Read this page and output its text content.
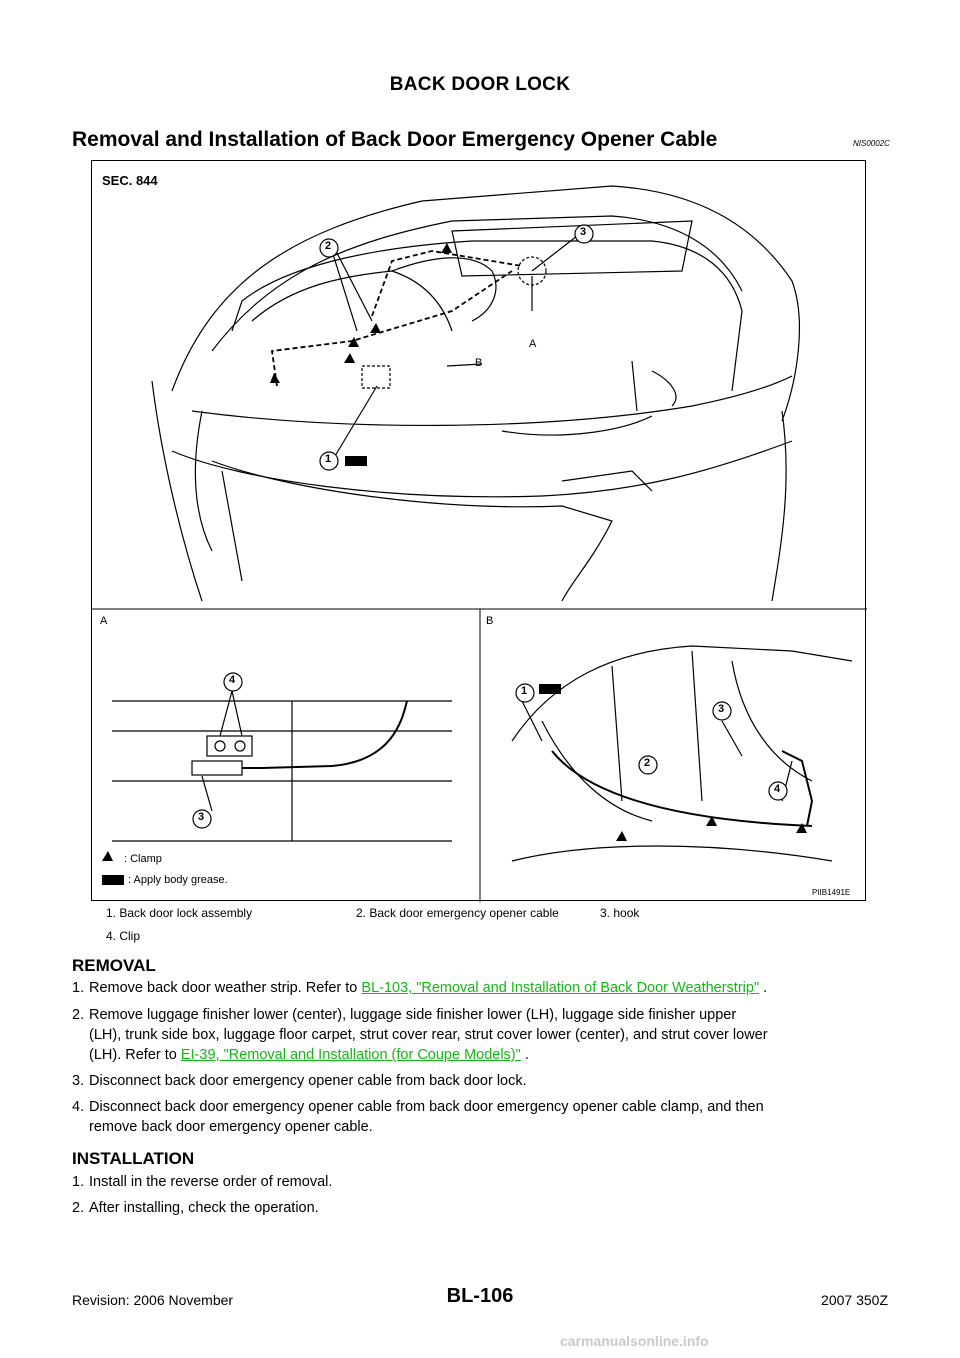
BACK DOOR LOCK
Removal and Installation of Back Door Emergency Opener Cable	NIS0002C
SEC. 844
2
3
1
A
B
A	B
4
3
1
3
2
4
: Clamp
: Apply body grease.
PIIB1491E
1. Back door lock assembly	2. Back door emergency opener cable	3. hook
4. Clip
REMOVAL
1. Remove back door weather strip. Refer to BL-103, "Removal and Installation of Back Door Weatherstrip" .
2. Remove luggage finisher lower (center), luggage side finisher lower (LH), luggage side finisher upper
(LH), trunk side box, luggage floor carpet, strut cover rear, strut cover lower (center), and strut cover lower
(LH). Refer to EI-39, "Removal and Installation (for Coupe Models)" .
3. Disconnect back door emergency opener cable from back door lock.
4. Disconnect back door emergency opener cable from back door emergency opener cable clamp, and then
remove back door emergency opener cable.
INSTALLATION
1. Install in the reverse order of removal.
2. After installing, check the operation.
Revision: 2006 November	BL-106	2007 350Z
carmanualsonline.info
